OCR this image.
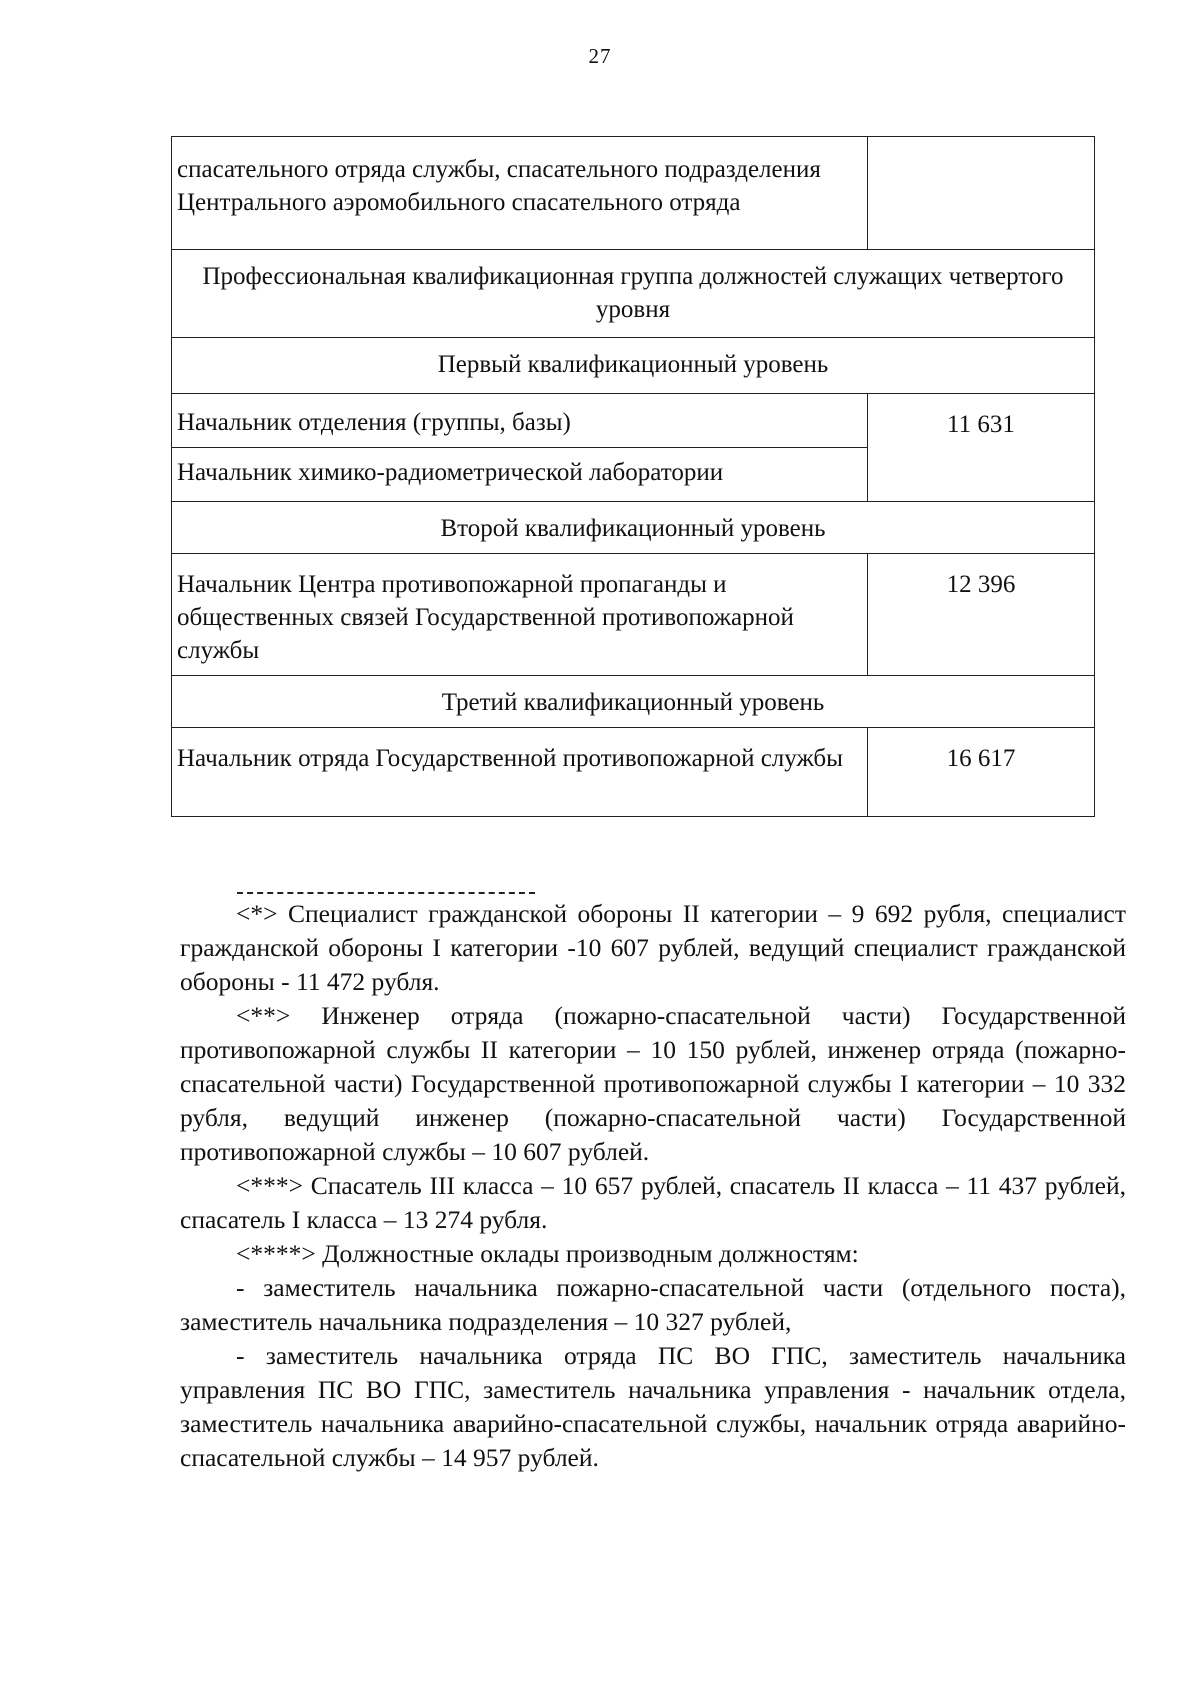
27
спасательного отряда службы, спасательного подразделения Центрального аэромобильного спасательного отряда	
Профессиональная квалификационная группа должностей служащих четвертого уровня	
Первый квалификационный уровень	
Начальник отделения (группы, базы)	11 631
Начальник химико-радиометрической лаборатории	
Второй квалификационный уровень	
Начальник Центра противопожарной пропаганды и общественных связей Государственной противопожарной службы	12 396
Третий квалификационный уровень	
Начальник отряда Государственной противопожарной службы	16 617

<*> Специалист гражданской обороны II категории – 9 692 рубля, специалист гражданской обороны I категории -10 607 рублей, ведущий специалист гражданской обороны - 11 472 рубля.

<**> Инженер отряда (пожарно-спасательной части) Государственной противопожарной службы II категории – 10 150 рублей, инженер отряда (пожарно-спасательной части) Государственной противопожарной службы I категории – 10 332 рубля, ведущий инженер (пожарно-спасательной части) Государственной противопожарной службы – 10 607 рублей.

<***> Спасатель III класса – 10 657 рублей, спасатель II класса – 11 437 рублей, спасатель I класса – 13 274 рубля.

<****> Должностные оклады производным должностям:

- заместитель начальника пожарно-спасательной части (отдельного поста), заместитель начальника подразделения – 10 327 рублей,

- заместитель начальника отряда ПС ВО ГПС, заместитель начальника управления ПС ВО ГПС, заместитель начальника управления - начальник отдела, заместитель начальника аварийно-спасательной службы, начальник отряда аварийно-спасательной службы – 14 957 рублей.
